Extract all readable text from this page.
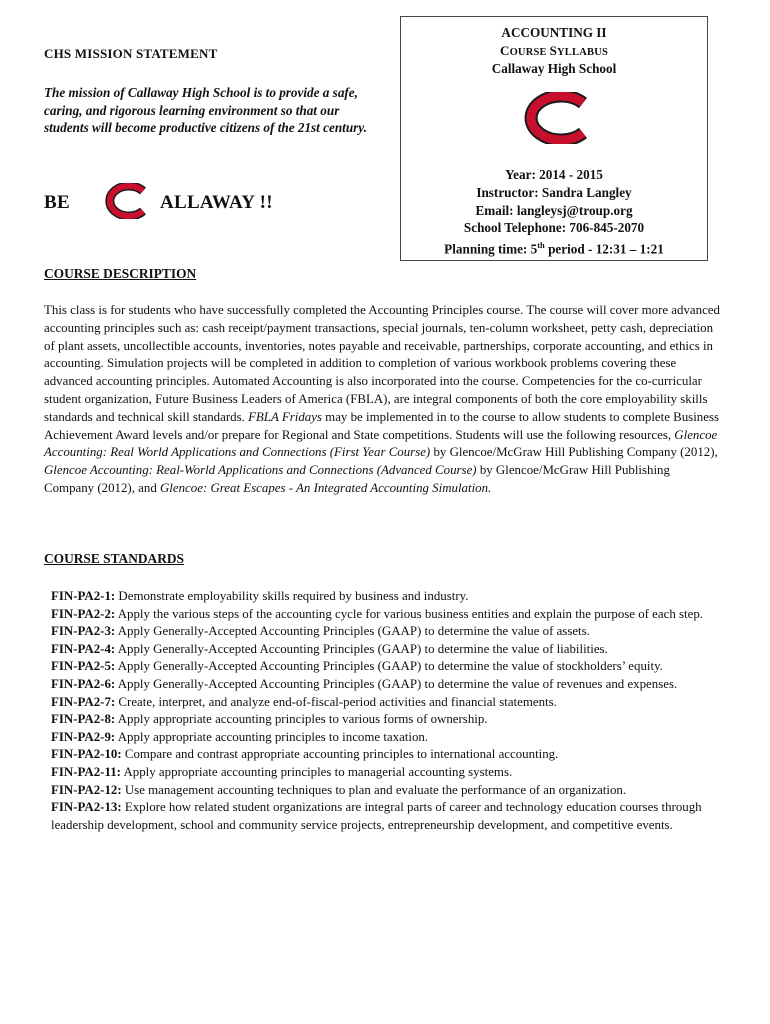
CHS MISSION STATEMENT
The mission of Callaway High School is to provide a safe, caring, and rigorous learning environment so that our students will become productive citizens of the 21st century.
BE	ALLAWAY !!
ACCOUNTING II
COURSE SYLLABUS
Callaway High School
Year: 2014 - 2015
Instructor: Sandra Langley
Email: langleysj@troup.org
School Telephone: 706-845-2070
Planning time: 5th period - 12:31 – 1:21
COURSE DESCRIPTION
This class is for students who have successfully completed the Accounting Principles course. The course will cover more advanced accounting principles such as: cash receipt/payment transactions, special journals, ten-column worksheet, petty cash, depreciation of plant assets, uncollectible accounts, inventories, notes payable and receivable, partnerships, corporate accounting, and ethics in accounting. Simulation projects will be completed in addition to completion of various workbook problems covering these advanced accounting principles. Automated Accounting is also incorporated into the course. Competencies for the co-curricular student organization, Future Business Leaders of America (FBLA), are integral components of both the core employability skills standards and technical skill standards. FBLA Fridays may be implemented in to the course to allow students to complete Business Achievement Award levels and/or prepare for Regional and State competitions. Students will use the following resources, Glencoe Accounting: Real World Applications and Connections (First Year Course) by Glencoe/McGraw Hill Publishing Company (2012), Glencoe Accounting: Real-World Applications and Connections (Advanced Course) by Glencoe/McGraw Hill Publishing Company (2012), and Glencoe: Great Escapes - An Integrated Accounting Simulation.
COURSE STANDARDS
FIN-PA2-1: Demonstrate employability skills required by business and industry.
FIN-PA2-2: Apply the various steps of the accounting cycle for various business entities and explain the purpose of each step.
FIN-PA2-3: Apply Generally-Accepted Accounting Principles (GAAP) to determine the value of assets.
FIN-PA2-4: Apply Generally-Accepted Accounting Principles (GAAP) to determine the value of liabilities.
FIN-PA2-5: Apply Generally-Accepted Accounting Principles (GAAP) to determine the value of stockholders’ equity.
FIN-PA2-6: Apply Generally-Accepted Accounting Principles (GAAP) to determine the value of revenues and expenses.
FIN-PA2-7: Create, interpret, and analyze end-of-fiscal-period activities and financial statements.
FIN-PA2-8: Apply appropriate accounting principles to various forms of ownership.
FIN-PA2-9: Apply appropriate accounting principles to income taxation.
FIN-PA2-10: Compare and contrast appropriate accounting principles to international accounting.
FIN-PA2-11: Apply appropriate accounting principles to managerial accounting systems.
FIN-PA2-12: Use management accounting techniques to plan and evaluate the performance of an organization.
FIN-PA2-13: Explore how related student organizations are integral parts of career and technology education courses through leadership development, school and community service projects, entrepreneurship development, and competitive events.
